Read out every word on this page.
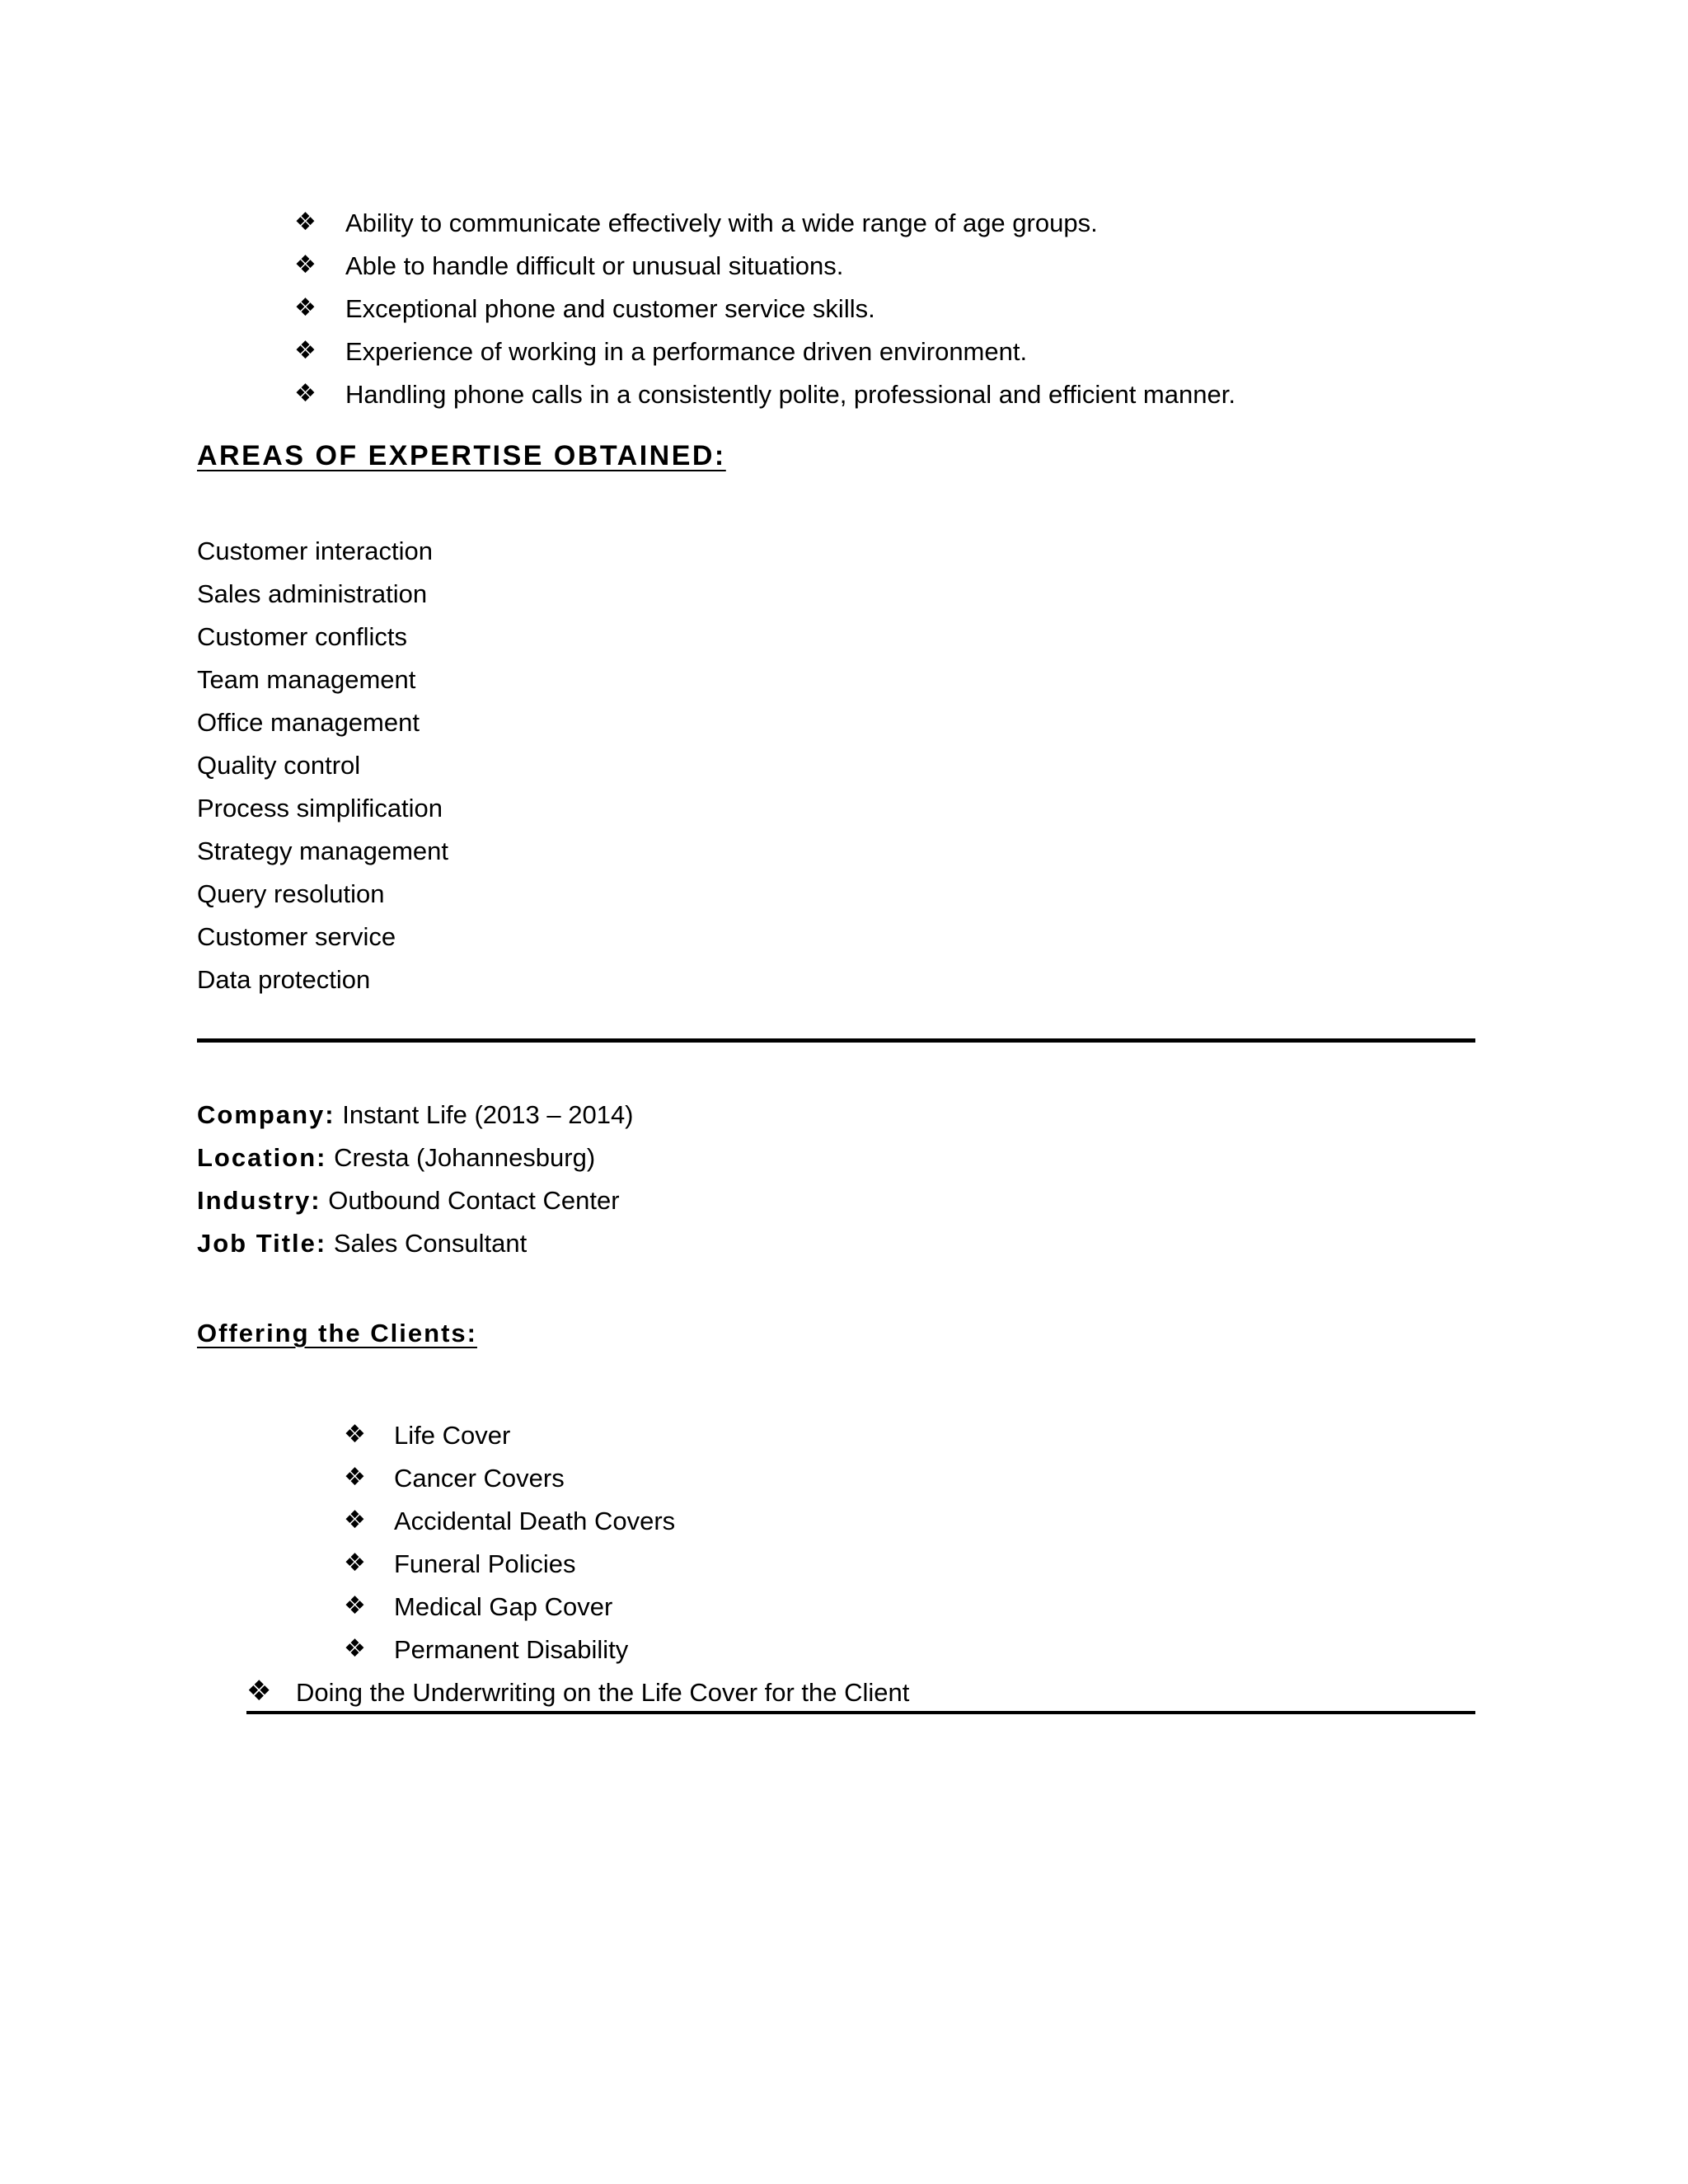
❖ Ability to communicate effectively with a wide range of age groups.
❖ Able to handle difficult or unusual situations.
❖ Exceptional phone and customer service skills.
❖ Experience of working in a performance driven environment.
❖ Handling phone calls in a consistently polite, professional and efficient manner.
AREAS OF EXPERTISE OBTAINED:
Customer interaction
Sales administration
Customer conflicts
Team management
Office management
Quality control
Process simplification
Strategy management
Query resolution
Customer service
Data protection
Company: Instant Life (2013 – 2014)
Location: Cresta (Johannesburg)
Industry: Outbound Contact Center
Job Title: Sales Consultant
Offering the Clients:
❖ Life Cover
❖ Cancer Covers
❖ Accidental Death Covers
❖ Funeral Policies
❖ Medical Gap Cover
❖ Permanent Disability
❖ Doing the Underwriting on the Life Cover for the Client
